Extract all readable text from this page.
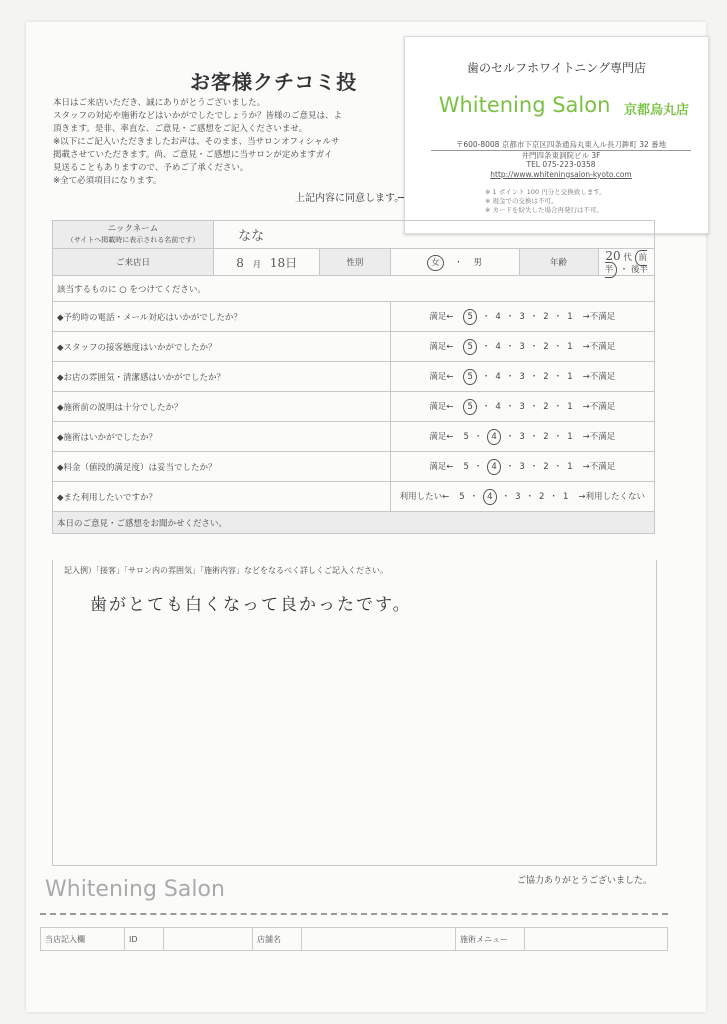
お客様クチコミ投
本日はご来店いただき、誠にありがとうございました。
スタッフの対応や施術などはいかがでしたでしょうか？皆様のご意見は、よ
頂きます。是非、率直な、ご意見・ご感想をご記入くださいませ。
※以下にご記入いただきましたお声は、そのまま、当サロンオフィシャルサ
掲載させていただきます。尚、ご意見・ご感想に当サロンが定めますガイ
見送ることもありますので、予めご了承ください。
※全て必須項目になります。
上記内容に同意します。
歯のセルフホワイトニング専門店
Whitening Salon 京都烏丸店
〒600-8008 京都市下京区四条通烏丸東入ル長刀鉾町 32 番地
井門四条東洞院ビル 3F
TEL 075-223-0358
http://www.whiteningsalon-kyoto.com
※ 1 ポイント 100 円分と交換致します。
※ 現金での交換は不可。
※ カードを紛失した場合再発行は不可。
ニックネーム
（サイトへ掲載時に表示される名前です）	なな				
ご来店日	8 月 18日	性別	女 ・ 男	年齢	20 代 前半 ・ 後半
該当するものに ○ をつけてください。					
◆予約時の電話・メール対応はいかがでしたか？			満足← 5 ・ 4 ・ 3 ・ 2 ・ 1 →不満足		
◆スタッフの接客態度はいかがでしたか？			満足← 5 ・ 4 ・ 3 ・ 2 ・ 1 →不満足		
◆お店の雰囲気・清潔感はいかがでしたか？			満足← 5 ・ 4 ・ 3 ・ 2 ・ 1 →不満足		
◆施術前の説明は十分でしたか？			満足← 5 ・ 4 ・ 3 ・ 2 ・ 1 →不満足		
◆施術はいかがでしたか？			満足← 5 ・ 4 ・ 3 ・ 2 ・ 1 →不満足		
◆料金（値段的満足度）は妥当でしたか？			満足← 5 ・ 4 ・ 3 ・ 2 ・ 1 →不満足		
◆また利用したいですか？			利用したい← 5 ・ 4 ・ 3 ・ 2 ・ 1 →利用したくない		
本日のご意見・ご感想をお聞かせください。					
記入例）「接客」「サロン内の雰囲気」「施術内容」などをなるべく詳しくご記入ください。
歯がとても白くなって良かったです。
ご協力ありがとうございました。
Whitening Salon
当店記入欄	ID		店舗名		施術メニュー	
